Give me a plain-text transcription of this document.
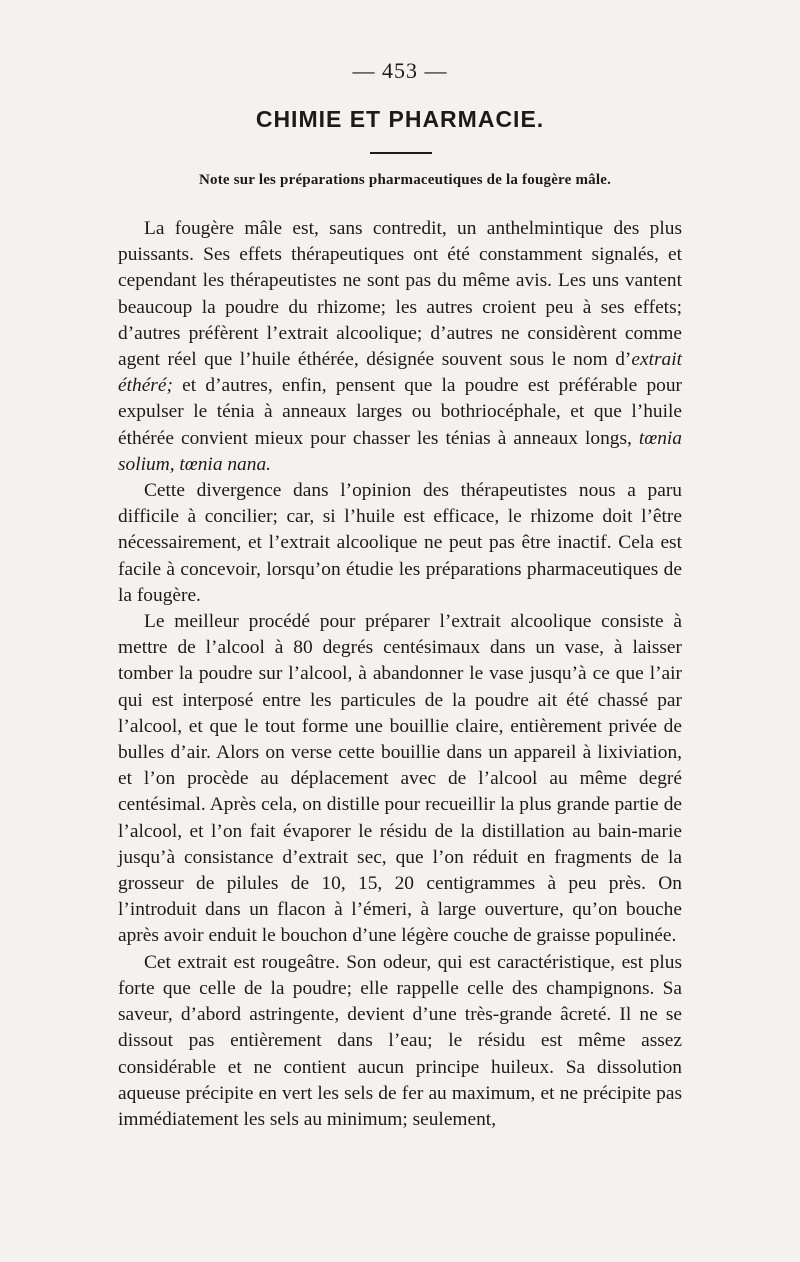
— 453 —
CHIMIE ET PHARMACIE.
Note sur les préparations pharmaceutiques de la fougère mâle.

La fougère mâle est, sans contredit, un anthelmintique des plus puissants. Ses effets thérapeutiques ont été constamment signalés, et cependant les thérapeutistes ne sont pas du même avis. Les uns vantent beaucoup la poudre du rhizome; les autres croient peu à ses effets; d’autres préfèrent l’extrait alcoolique; d’autres ne considèrent comme agent réel que l’huile éthérée, désignée souvent sous le nom d’extrait éthéré; et d’autres, enfin, pensent que la poudre est préférable pour expulser le ténia à anneaux larges ou bothriocéphale, et que l’huile éthérée convient mieux pour chasser les ténias à anneaux longs, tœnia solium, tœnia nana.

Cette divergence dans l’opinion des thérapeutistes nous a paru difficile à concilier; car, si l’huile est efficace, le rhizome doit l’être nécessairement, et l’extrait alcoolique ne peut pas être inactif. Cela est facile à concevoir, lorsqu’on étudie les préparations pharmaceutiques de la fougère.

Le meilleur procédé pour préparer l’extrait alcoolique consiste à mettre de l’alcool à 80 degrés centésimaux dans un vase, à laisser tomber la poudre sur l’alcool, à abandonner le vase jusqu’à ce que l’air qui est interposé entre les particules de la poudre ait été chassé par l’alcool, et que le tout forme une bouillie claire, entièrement privée de bulles d’air. Alors on verse cette bouillie dans un appareil à lixiviation, et l’on procède au déplacement avec de l’alcool au même degré centésimal. Après cela, on distille pour recueillir la plus grande partie de l’alcool, et l’on fait évaporer le résidu de la distillation au bain-marie jusqu’à consistance d’extrait sec, que l’on réduit en fragments de la grosseur de pilules de 10, 15, 20 centigrammes à peu près. On l’introduit dans un flacon à l’émeri, à large ouverture, qu’on bouche après avoir enduit le bouchon d’une légère couche de graisse populinée.

Cet extrait est rougeâtre. Son odeur, qui est caractéristique, est plus forte que celle de la poudre; elle rappelle celle des champignons. Sa saveur, d’abord astringente, devient d’une très-grande âcreté. Il ne se dissout pas entièrement dans l’eau; le résidu est même assez considérable et ne contient aucun principe huileux. Sa dissolution aqueuse précipite en vert les sels de fer au maximum, et ne précipite pas immédiatement les sels au minimum; seulement,
